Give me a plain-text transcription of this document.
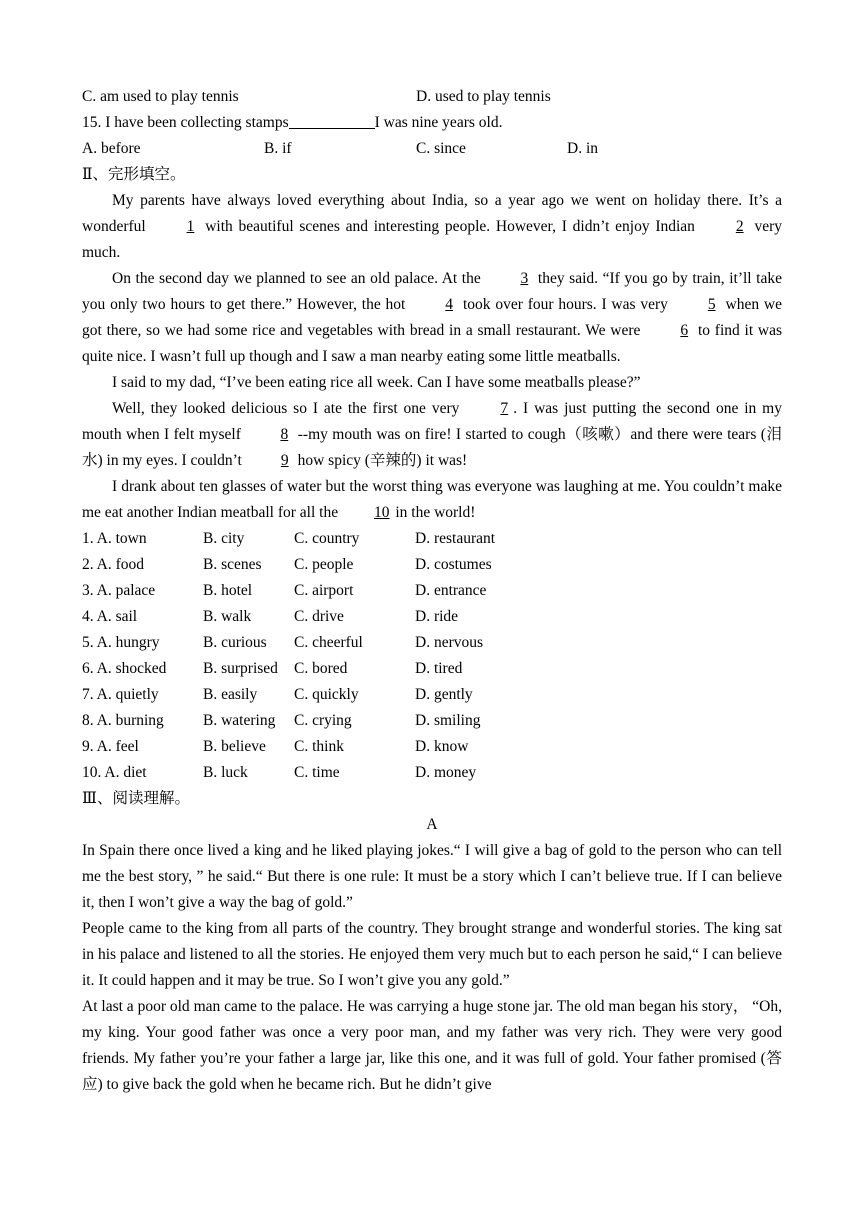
C. am used to play tennis	D. used to play tennis
15. I have been collecting stamps	I was nine years old.
A. before	B. if	C. since	D. in
Ⅱ、完形填空。

My parents have always loved everything about India, so a year ago we went on holiday there. It’s a wonderful 1 with beautiful scenes and interesting people. However, I didn’t enjoy Indian 2 very much.

On the second day we planned to see an old palace. At the 3 they said. “If you go by train, it’ll take you only two hours to get there.” However, the hot 4 took over four hours. I was very 5 when we got there, so we had some rice and vegetables with bread in a small restaurant. We were 6 to find it was quite nice. I wasn’t full up though and I saw a man nearby eating some little meatballs.

I said to my dad, “I’ve been eating rice all week. Can I have some meatballs please?”

Well, they looked delicious so I ate the first one very 7 . I was just putting the second one in my mouth when I felt myself 8 --my mouth was on fire! I started to cough（咳嗽）and there were tears (泪水) in my eyes. I couldn’t 9 how spicy (辛辣的) it was!

I drank about ten glasses of water but the worst thing was everyone was laughing at me. You couldn’t make me eat another Indian meatball for all the 10 in the world!

1. A. town	B. city	C. country	D. restaurant
2. A. food	B. scenes	C. people	D. costumes
3. A. palace	B. hotel	C. airport	D. entrance
4. A. sail	B. walk	C. drive	D. ride
5. A. hungry	B. curious	C. cheerful	D. nervous
6. A. shocked	B. surprised	C. bored	D. tired
7. A. quietly	B. easily	C. quickly	D. gently
8. A. burning	B. watering	C. crying	D. smiling
9. A. feel	B. believe	C. think	D. know
10. A. diet	B. luck	C. time	D. money
Ⅲ、阅读理解。
A

In Spain there once lived a king and he liked playing jokes.“ I will give a bag of gold to the person who can tell me the best story, ” he said.“ But there is one rule: It must be a story which I can’t believe true. If I can believe it, then I won’t give a way the bag of gold.”

People came to the king from all parts of the country. They brought strange and wonderful stories. The king sat in his palace and listened to all the stories. He enjoyed them very much but to each person he said,“ I can believe it. It could happen and it may be true. So I won’t give you any gold.”

At last a poor old man came to the palace. He was carrying a huge stone jar. The old man began his story， “Oh, my king. Your good father was once a very poor man, and my father was very rich. They were very good friends. My father you’re your father a large jar, like this one, and it was full of gold. Your father promised (答应) to give back the gold when he became rich. But he didn’t give
